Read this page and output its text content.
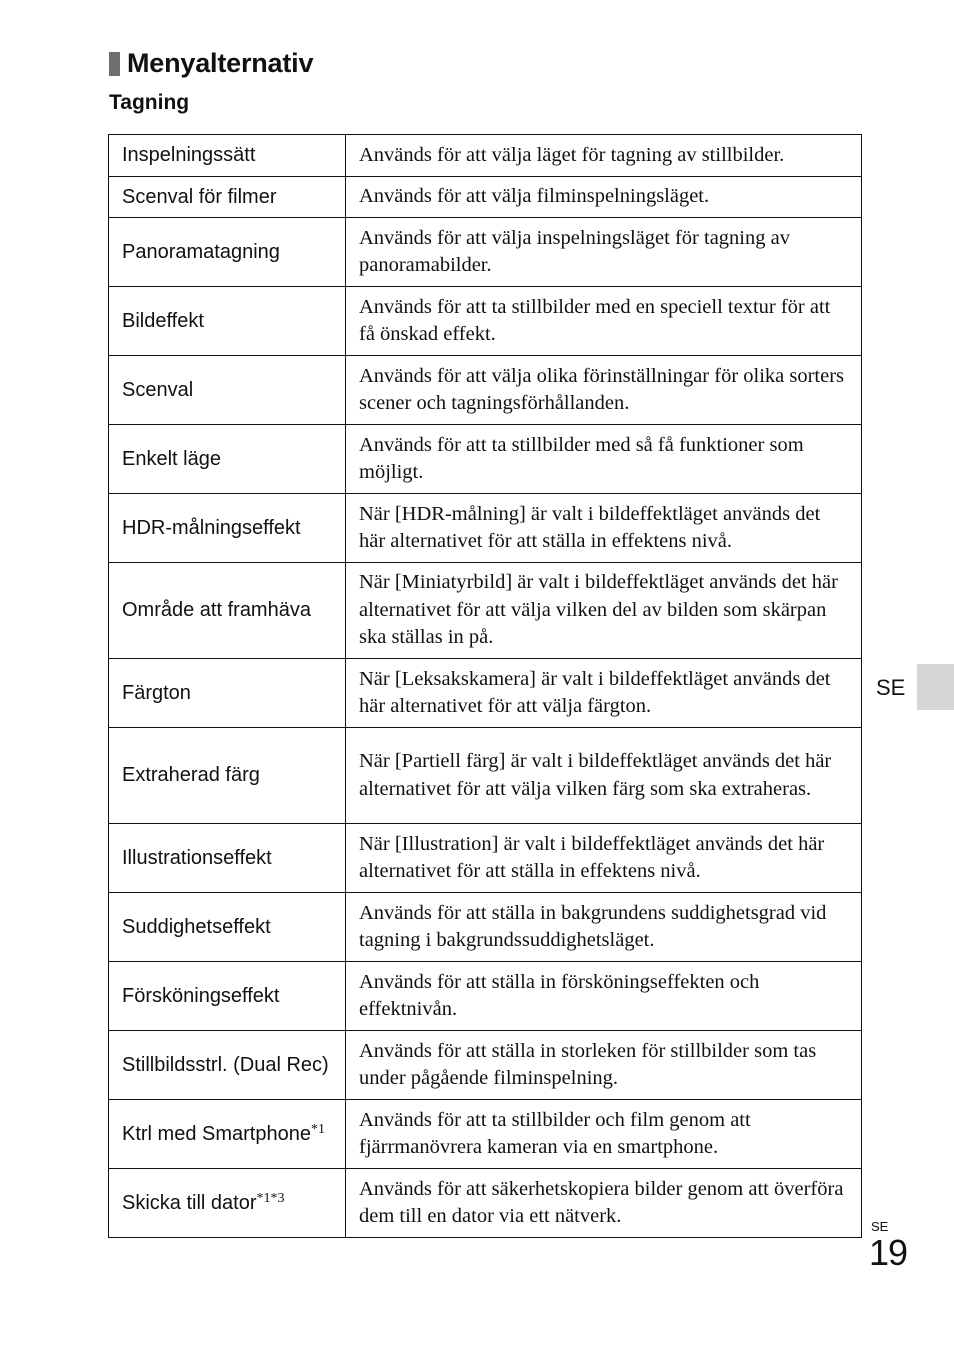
Menyalternativ
Tagning
Inspelningssätt	Används för att välja läget för tagning av stillbilder.
Scenval för filmer	Används för att välja filminspelningsläget.
Panoramatagning	Används för att välja inspelningsläget för tagning av panoramabilder.
Bildeffekt	Används för att ta stillbilder med en speciell textur för att få önskad effekt.
Scenval	Används för att välja olika förinställningar för olika sorters scener och tagningsförhållanden.
Enkelt läge	Används för att ta stillbilder med så få funktioner som möjligt.
HDR-målningseffekt	När [HDR-målning] är valt i bildeffektläget används det här alternativet för att ställa in effektens nivå.
Område att framhäva	När [Miniatyrbild] är valt i bildeffektläget används det här alternativet för att välja vilken del av bilden som skärpan ska ställas in på.
Färgton	När [Leksakskamera] är valt i bildeffektläget används det här alternativet för att välja färgton.
Extraherad färg	När [Partiell färg] är valt i bildeffektläget används det här alternativet för att välja vilken färg som ska extraheras.
Illustrationseffekt	När [Illustration] är valt i bildeffektläget används det här alternativet för att ställa in effektens nivå.
Suddighetseffekt	Används för att ställa in bakgrundens suddighetsgrad vid tagning i bakgrundssuddighetsläget.
Försköningseffekt	Används för att ställa in försköningseffekten och effektnivån.
Stillbildsstrl. (Dual Rec)	Används för att ställa in storleken för stillbilder som tas under pågående filminspelning.
Ktrl med Smartphone$^{*1}$	Används för att ta stillbilder och film genom att fjärrmanövrera kameran via en smartphone.
Skicka till dator$^{*1*3}$	Används för att säkerhetskopiera bilder genom att överföra dem till en dator via ett nätverk.
SE
SE
19
